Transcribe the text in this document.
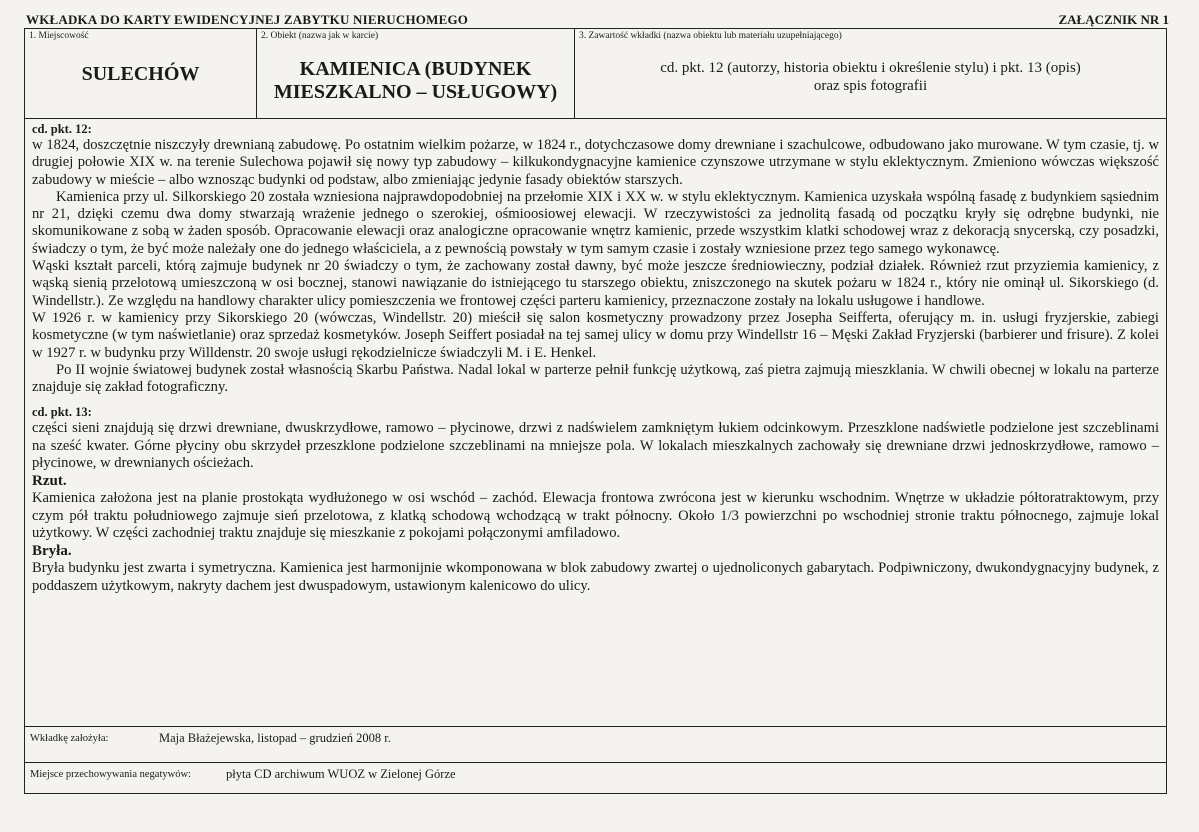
WKŁADKA DO KARTY EWIDENCYJNEJ ZABYTKU NIERUCHOMEGO	ZAŁĄCZNIK NR 1
1. Miejscowość
SULECHÓW
2. Obiekt (nazwa jak w karcie)
KAMIENICA (BUDYNEK
MIESZKALNO – USŁUGOWY)
3. Zawartość wkładki (nazwa obiektu lub materiału uzupełniającego)
cd. pkt. 12 (autorzy, historia obiektu i określenie stylu) i pkt. 13 (opis)
oraz spis fotografii
cd. pkt. 12:

w 1824, doszczętnie niszczyły drewnianą zabudowę. Po ostatnim wielkim pożarze, w 1824 r., dotychczasowe domy drewniane i szachulcowe, odbudowano jako murowane. W tym czasie, tj. w drugiej połowie XIX w. na terenie Sulechowa pojawił się nowy typ zabudowy – kilkukondygnacyjne kamienice czynszowe utrzymane w stylu eklektycznym. Zmieniono wówczas większość zabudowy w mieście – albo wznosząc budynki od podstaw, albo zmieniając jedynie fasady obiektów starszych.

Kamienica przy ul. Silkorskiego 20 została wzniesiona najprawdopodobniej na przełomie XIX i XX w. w stylu eklektycznym. Kamienica uzyskała wspólną fasadę z budynkiem sąsiednim nr 21, dzięki czemu dwa domy stwarzają wrażenie jednego o szerokiej, ośmioosiowej elewacji. W rzeczywistości za jednolitą fasadą od początku kryły się odrębne budynki, nie skomunikowane z sobą w żaden sposób. Opracowanie elewacji oraz analogiczne opracowanie wnętrz kamienic, przede wszystkim klatki schodowej wraz z dekoracją snycerską, czy posadzki, świadczy o tym, że być może należały one do jednego właściciela, a z pewnością powstały w tym samym czasie i zostały wzniesione przez tego samego wykonawcę.

Wąski kształt parceli, którą zajmuje budynek nr 20 świadczy o tym, że zachowany został dawny, być może jeszcze średniowieczny, podział działek. Również rzut przyziemia kamienicy, z wąską sienią przelotową umieszczoną w osi bocznej, stanowi nawiązanie do istniejącego tu starszego obiektu, zniszczonego na skutek pożaru w 1824 r., który nie ominął ul. Sikorskiego (d. Windellstr.). Ze względu na handlowy charakter ulicy pomieszczenia we frontowej części parteru kamienicy, przeznaczone zostały na lokalu usługowe i handlowe.

W 1926 r. w kamienicy przy Sikorskiego 20 (wówczas, Windellstr. 20) mieścił się salon kosmetyczny prowadzony przez Josepha Seifferta, oferujący m. in. usługi fryzjerskie, zabiegi kosmetyczne (w tym naświetlanie) oraz sprzedaż kosmetyków. Joseph Seiffert posiadał na tej samej ulicy w domu przy Windellstr 16 – Męski Zakład Fryzjerski (barbierer und frisure). Z kolei w 1927 r. w budynku przy Willdenstr. 20 swoje usługi rękodzielnicze świadczyli M. i E. Henkel.

Po II wojnie światowej budynek został własnością Skarbu Państwa. Nadal lokal w parterze pełnił funkcję użytkową, zaś pietra zajmują mieszklania. W chwili obecnej w lokalu na parterze znajduje się zakład fotograficzny.

cd. pkt. 13:

części sieni znajdują się drzwi drewniane, dwuskrzydłowe, ramowo – płycinowe, drzwi z nadświelem zamkniętym łukiem odcinkowym. Przeszklone nadświetle podzielone jest szczeblinami na sześć kwater. Górne płyciny obu skrzydeł przeszklone podzielone szczeblinami na mniejsze pola. W lokalach mieszkalnych zachowały się drewniane drzwi jednoskrzydłowe, ramowo – płycinowe, w drewnianych ościeżach.

Rzut.

Kamienica założona jest na planie prostokąta wydłużonego w osi wschód – zachód. Elewacja frontowa zwrócona jest w kierunku wschodnim. Wnętrze w układzie półtoratraktowym, przy czym pół traktu południowego zajmuje sień przelotowa, z klatką schodową wchodzącą w trakt północny. Około 1/3 powierzchni po wschodniej stronie traktu północnego, zajmuje lokal użytkowy. W części zachodniej traktu znajduje się mieszkanie z pokojami połączonymi amfiladowo.

Bryła.

Bryła budynku jest zwarta i symetryczna. Kamienica jest harmonijnie wkomponowana w blok zabudowy zwartej o ujednoliconych gabarytach. Podpiwniczony, dwukondygnacyjny budynek, z poddaszem użytkowym, nakryty dachem jest dwuspadowym, ustawionym kalenicowo do ulicy.

Wkładkę założyła:	Maja Błażejewska, listopad – grudzień 2008 r.
Miejsce przechowywania negatywów:	płyta CD archiwum WUOZ w Zielonej Górze
